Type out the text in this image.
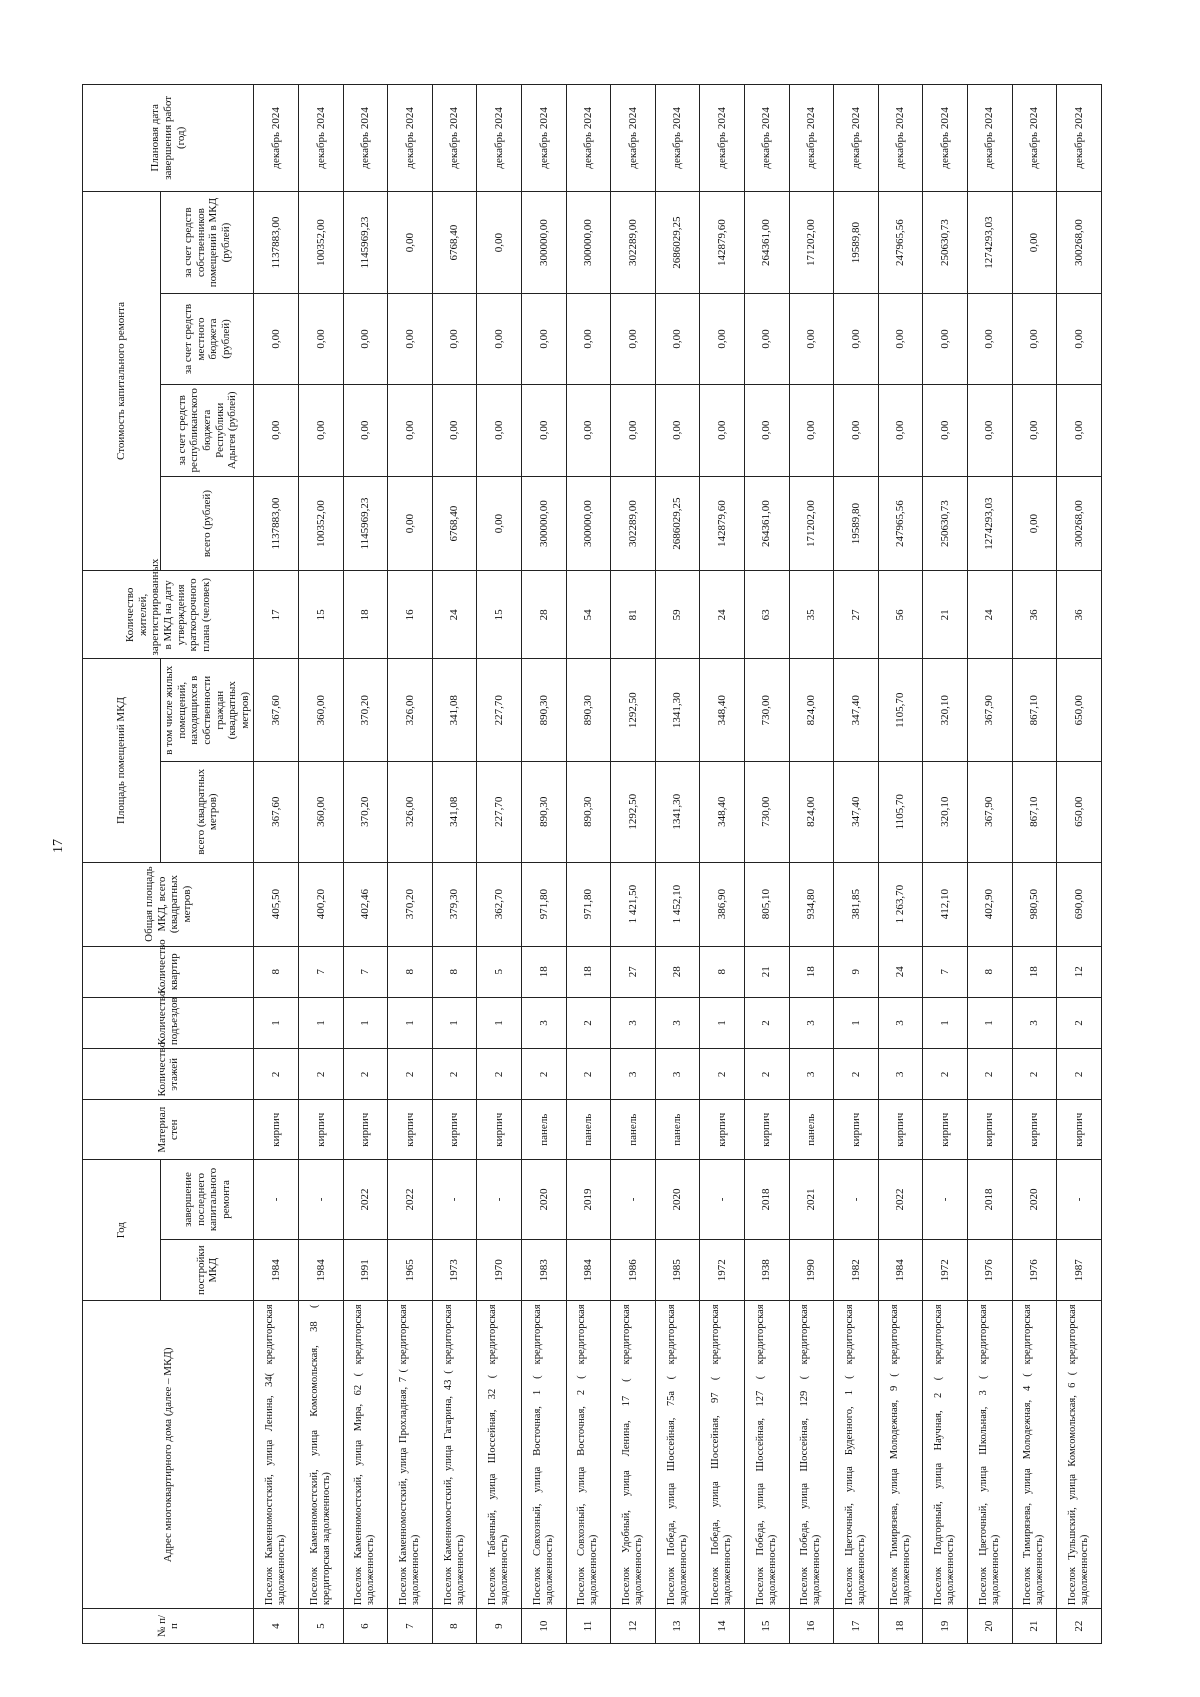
17
№ п/п	Адрес многоквартирного дома (далее – МКД)	Год		Материал стен	Количество этажей	Количество подъездов	Количество квартир	Общая площадь МКД, всего (квадратных метров)	Площадь помещений МКД		Количество жителей, зарегистрированных в МКД на дату утверждения краткосрочного плана (человек)	Стоимость капитального ремонта				Плановая дата завершения работ (год)
		постройки МКД	завершение последнего капитального ремонта						всего (квадратных метров)	в том числе жилых помещений, находящихся в собственности граждан (квадратных метров)		всего (рублей)	за счет средств республиканского бюджета Республики Адыгея (рублей)	за счет средств местного бюджета (рублей)	за счет средств собственников помещений в МКД (рублей)	
4	Поселок Каменномостский, улица Ленина, 34( кредиторская задолженность)	1984	-	кирпич	2	1	8	405,50	367,60	367,60	17	1137883,00	0,00	0,00	1137883,00	декабрь 2024
5	Поселок Каменномостский, улица Комсомольская, 38 ( кредиторская задолженность)	1984	-	кирпич	2	1	7	400,20	360,00	360,00	15	100352,00	0,00	0,00	100352,00	декабрь 2024
6	Поселок Каменномостский, улица Мира, 62 ( кредиторская задолженность)	1991	2022	кирпич	2	1	7	402,46	370,20	370,20	18	1145969,23	0,00	0,00	1145969,23	декабрь 2024
7	Поселок Каменномостский, улица Прохладная, 7 ( кредиторская задолженность)	1965	2022	кирпич	2	1	8	370,20	326,00	326,00	16	0,00	0,00	0,00	0,00	декабрь 2024
8	Поселок Каменномостский, улица Гагарина, 43 ( кредиторская задолженность)	1973	-	кирпич	2	1	8	379,30	341,08	341,08	24	6768,40	0,00	0,00	6768,40	декабрь 2024
9	Поселок Табачный, улица Шоссейная, 32 ( кредиторская задолженность)	1970	-	кирпич	2	1	5	362,70	227,70	227,70	15	0,00	0,00	0,00	0,00	декабрь 2024
10	Поселок Совхозный, улица Восточная, 1 ( кредиторская задолженность)	1983	2020	панель	2	3	18	971,80	890,30	890,30	28	300000,00	0,00	0,00	300000,00	декабрь 2024
11	Поселок Совхозный, улица Восточная, 2 ( кредиторская задолженность)	1984	2019	панель	2	2	18	971,80	890,30	890,30	54	300000,00	0,00	0,00	300000,00	декабрь 2024
12	Поселок Удобный, улица Ленина, 17 ( кредиторская задолженность)	1986	-	панель	3	3	27	1 421,50	1292,50	1292,50	81	302289,00	0,00	0,00	302289,00	декабрь 2024
13	Поселок Победа, улица Шоссейная, 75а ( кредиторская задолженность)	1985	2020	панель	3	3	28	1 452,10	1341,30	1341,30	59	2686029,25	0,00	0,00	2686029,25	декабрь 2024
14	Поселок Победа, улица Шоссейная, 97 ( кредиторская задолженность)	1972	-	кирпич	2	1	8	386,90	348,40	348,40	24	142879,60	0,00	0,00	142879,60	декабрь 2024
15	Поселок Победа, улица Шоссейная, 127 ( кредиторская задолженность)	1938	2018	кирпич	2	2	21	805,10	730,00	730,00	63	264361,00	0,00	0,00	264361,00	декабрь 2024
16	Поселок Победа, улица Шоссейная, 129 ( кредиторская задолженность)	1990	2021	панель	3	3	18	934,80	824,00	824,00	35	171202,00	0,00	0,00	171202,00	декабрь 2024
17	Поселок Цветочный, улица Буденного, 1 ( кредиторская задолженность)	1982	-	кирпич	2	1	9	381,85	347,40	347,40	27	19589,80	0,00	0,00	19589,80	декабрь 2024
18	Поселок Тимирязева, улица Молодежная, 9 ( кредиторская задолженность)	1984	2022	кирпич	3	3	24	1 263,70	1105,70	1105,70	56	247965,56	0,00	0,00	247965,56	декабрь 2024
19	Поселок Подгорный, улица Научная, 2 ( кредиторская задолженность)	1972	-	кирпич	2	1	7	412,10	320,10	320,10	21	250630,73	0,00	0,00	250630,73	декабрь 2024
20	Поселок Цветочный, улица Школьная, 3 ( кредиторская задолженность)	1976	2018	кирпич	2	1	8	402,90	367,90	367,90	24	1274293,03	0,00	0,00	1274293,03	декабрь 2024
21	Поселок Тимирязева, улица Молодежная, 4 ( кредиторская задолженность)	1976	2020	кирпич	2	3	18	980,50	867,10	867,10	36	0,00	0,00	0,00	0,00	декабрь 2024
22	Поселок Тульшский, улица Комсомольская, 6 ( кредиторская задолженность)	1987	-	кирпич	2	2	12	690,00	650,00	650,00	36	300268,00	0,00	0,00	300268,00	декабрь 2024
